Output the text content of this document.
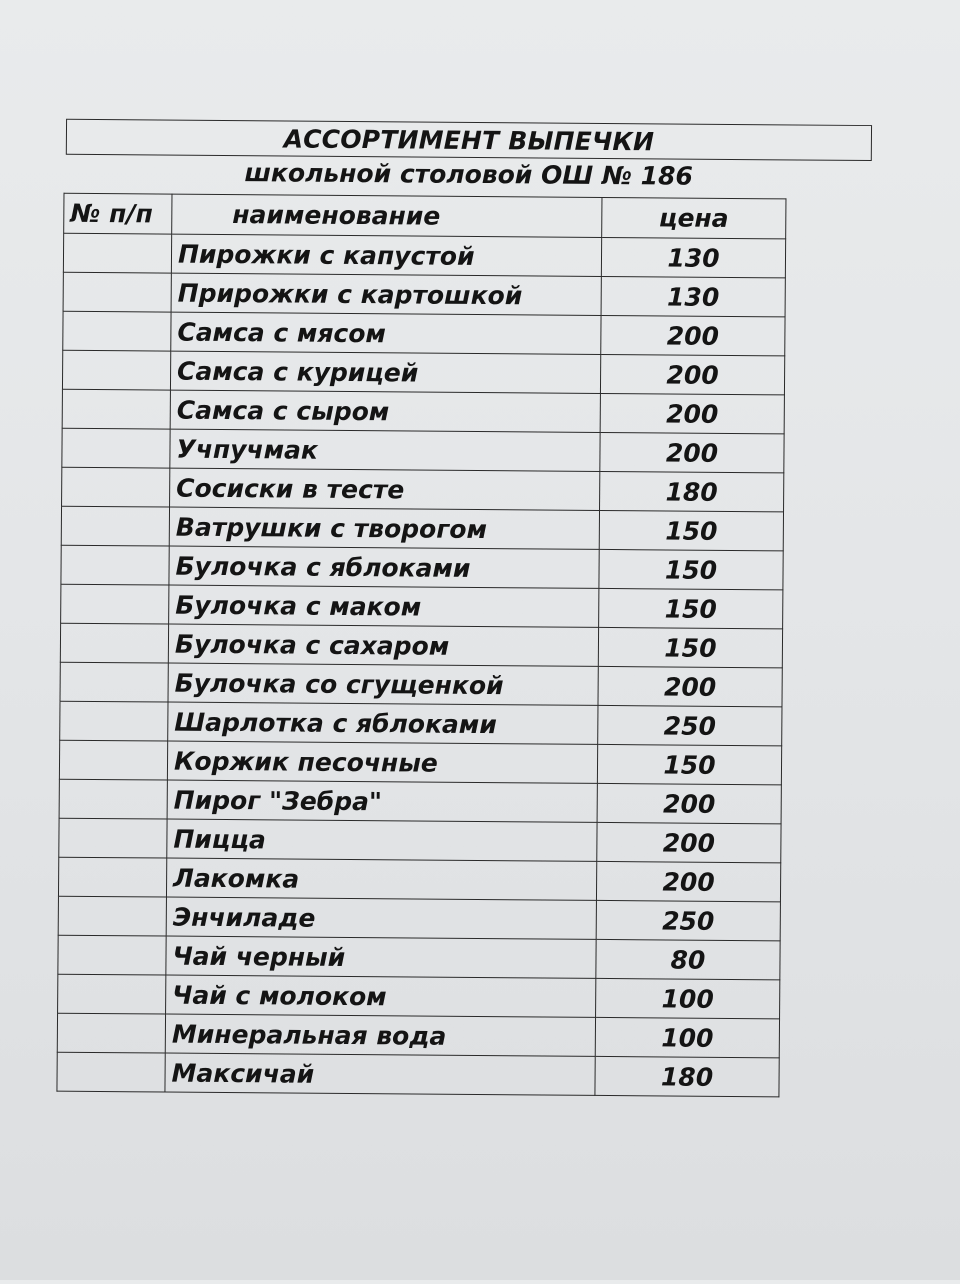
АССОРТИМЕНТ ВЫПЕЧКИ
школьной столовой ОШ № 186
№ п/п	наименование	цена
	Пирожки с капустой	130
	Прирожки с картошкой	130
	Самса с мясом	200
	Самса с курицей	200
	Самса с сыром	200
	Учпучмак	200
	Сосиски в тесте	180
	Ватрушки с творогом	150
	Булочка с яблоками	150
	Булочка с маком	150
	Булочка с сахаром	150
	Булочка со сгущенкой	200
	Шарлотка с яблоками	250
	Коржик песочные	150
	Пирог "Зебра"	200
	Пицца	200
	Лакомка	200
	Энчиладе	250
	Чай черный	80
	Чай с молоком	100
	Минеральная вода	100
	Максичай	180
